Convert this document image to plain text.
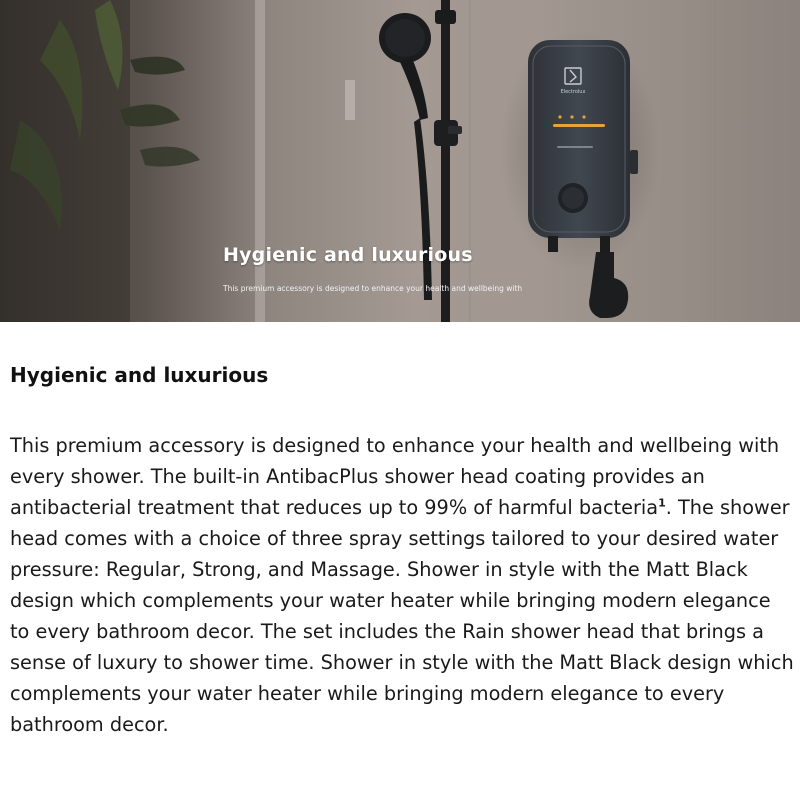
Electrolux
Hygienic and luxurious
This premium accessory is designed to enhance your health and wellbeing with
Hygienic and luxurious

This premium accessory is designed to enhance your health and wellbeing with every shower. The built-in AntibacPlus shower head coating provides an antibacterial treatment that reduces up to 99% of harmful bacteria$^1$. The shower head comes with a choice of three spray settings tailored to your desired water pressure: Regular, Strong, and Massage. Shower in style with the Matt Black design which complements your water heater while bringing modern elegance to every bathroom decor. The set includes the Rain shower head that brings a sense of luxury to shower time. Shower in style with the Matt Black design which complements your water heater while bringing modern elegance to every bathroom decor.
